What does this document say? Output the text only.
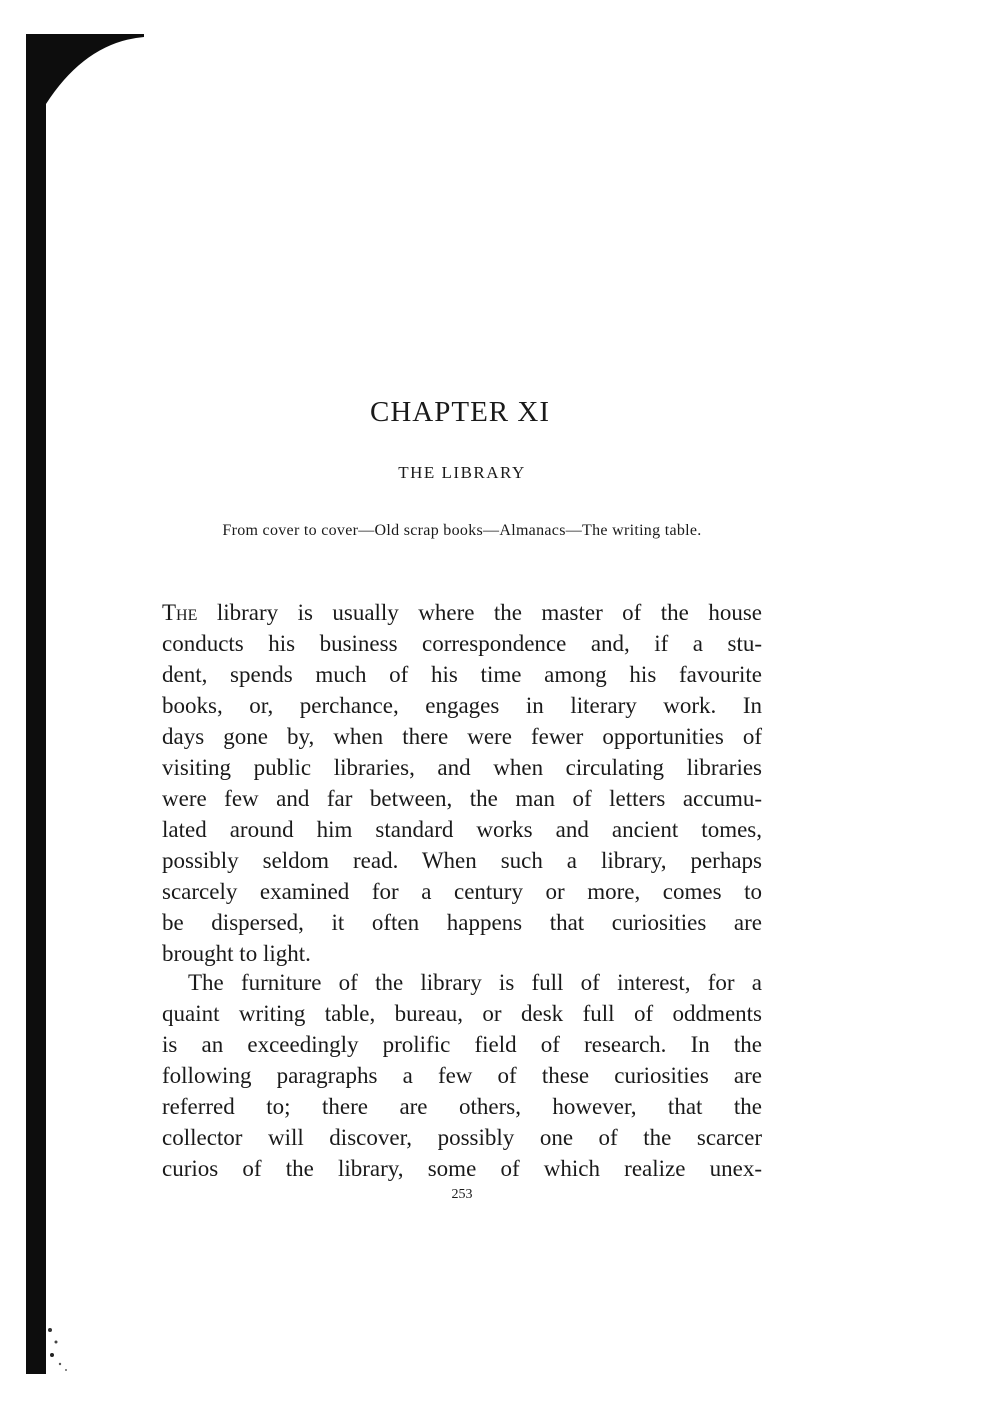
CHAPTER XI
THE LIBRARY
From cover to cover—Old scrap books—Almanacs—The writing table.
The library is usually where the master of the house
conducts his business correspondence and, if a stu-
dent, spends much of his time among his favourite
books, or, perchance, engages in literary work. In
days gone by, when there were fewer opportunities of
visiting public libraries, and when circulating libraries
were few and far between, the man of letters accumu-
lated around him standard works and ancient tomes,
possibly seldom read. When such a library, perhaps
scarcely examined for a century or more, comes to
be dispersed, it often happens that curiosities are
brought to light.
The furniture of the library is full of interest, for a
quaint writing table, bureau, or desk full of oddments
is an exceedingly prolific field of research. In the
following paragraphs a few of these curiosities are
referred to; there are others, however, that the
collector will discover, possibly one of the scarcer
curios of the library, some of which realize unex-
253
